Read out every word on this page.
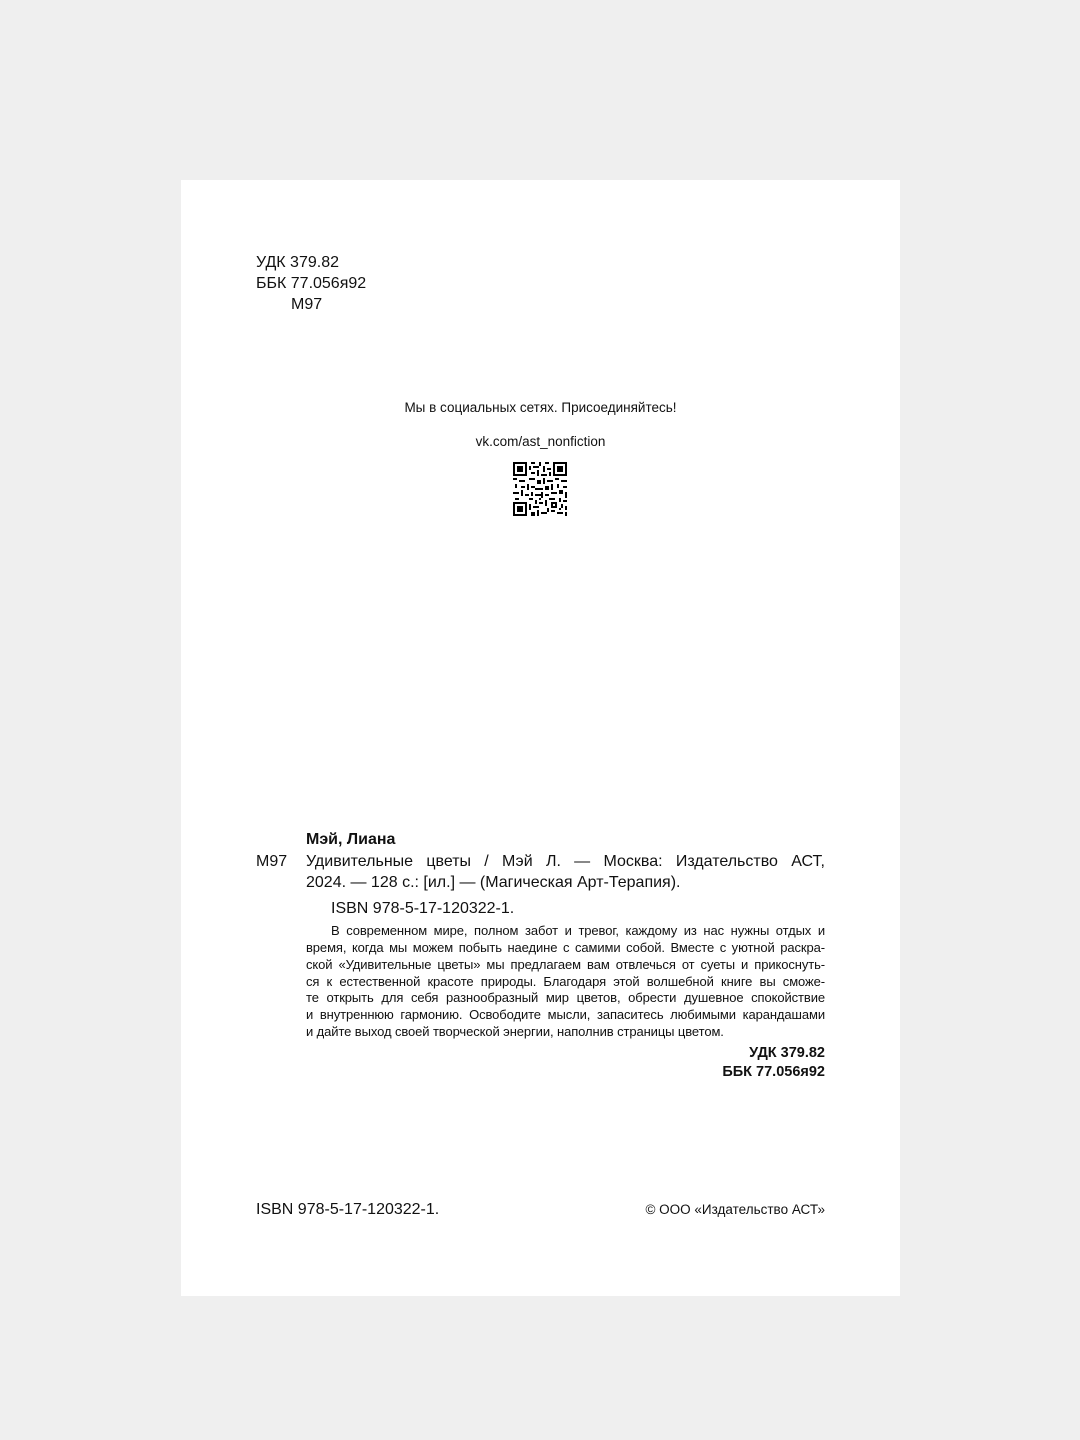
УДК 379.82
ББК 77.056я92
М97
Мы в социальных сетях. Присоединяйтесь!
vk.com/ast_nonfiction
Мэй, Лиана
М97 Удивительные цветы / Мэй Л. — Москва: Издательство АСТ,
2024. — 128 с.: [ил.] — (Магическая Арт-Терапия).
ISBN 978-5-17-120322-1.
В современном мире, полном забот и тревог, каждому из нас нужны отдых и
время, когда мы можем побыть наедине с самими собой. Вместе с уютной раскра-
ской «Удивительные цветы» мы предлагаем вам отвлечься от суеты и прикоснуть-
ся к естественной красоте природы. Благодаря этой волшебной книге вы сможе-
те открыть для себя разнообразный мир цветов, обрести душевное спокойствие
и внутреннюю гармонию. Освободите мысли, запаситесь любимыми карандашами
и дайте выход своей творческой энергии, наполнив страницы цветом.
УДК 379.82
ББК 77.056я92
ISBN 978-5-17-120322-1.	© ООО «Издательство АСТ»
